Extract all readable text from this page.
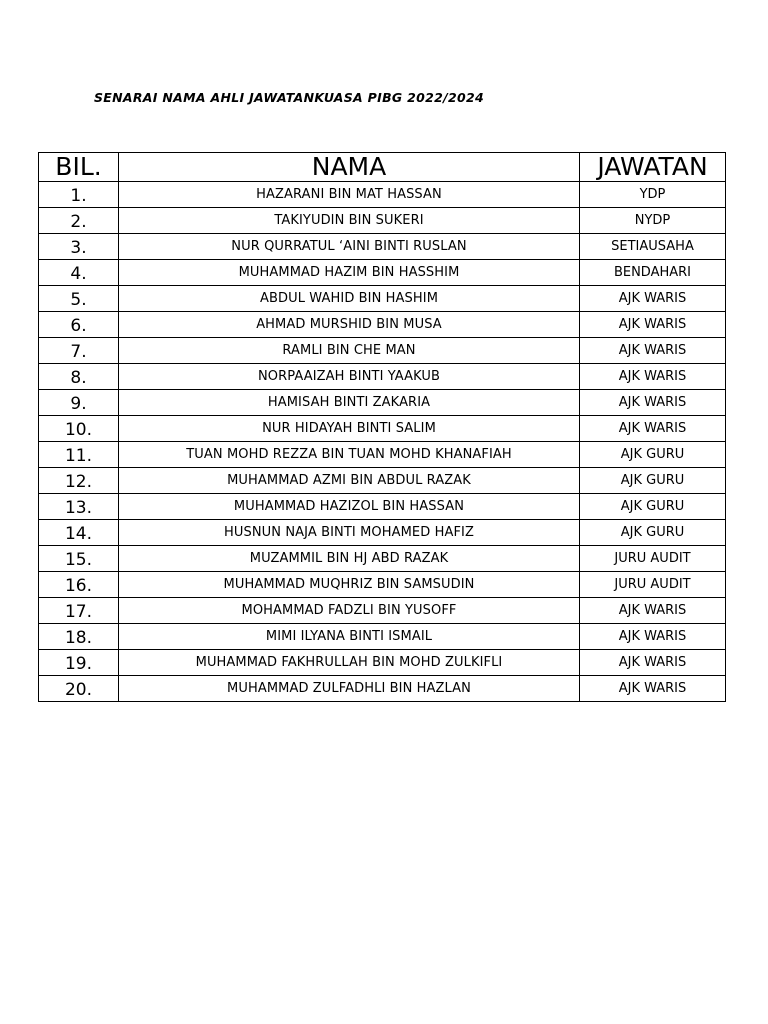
SENARAI NAMA AHLI JAWATANKUASA PIBG 2022/2024
BIL.	NAMA	JAWATAN
1.	HAZARANI BIN MAT HASSAN	YDP
2.	TAKIYUDIN BIN SUKERI	NYDP
3.	NUR QURRATUL ‘AINI BINTI RUSLAN	SETIAUSAHA
4.	MUHAMMAD HAZIM BIN HASSHIM	BENDAHARI
5.	ABDUL WAHID BIN HASHIM	AJK WARIS
6.	AHMAD MURSHID BIN MUSA	AJK WARIS
7.	RAMLI BIN CHE MAN	AJK WARIS
8.	NORPAAIZAH BINTI YAAKUB	AJK WARIS
9.	HAMISAH BINTI ZAKARIA	AJK WARIS
10.	NUR HIDAYAH BINTI SALIM	AJK WARIS
11.	TUAN MOHD REZZA BIN TUAN MOHD KHANAFIAH	AJK GURU
12.	MUHAMMAD AZMI BIN ABDUL RAZAK	AJK GURU
13.	MUHAMMAD HAZIZOL BIN HASSAN	AJK GURU
14.	HUSNUN NAJA BINTI MOHAMED HAFIZ	AJK GURU
15.	MUZAMMIL BIN HJ ABD RAZAK	JURU AUDIT
16.	MUHAMMAD MUQHRIZ BIN SAMSUDIN	JURU AUDIT
17.	MOHAMMAD FADZLI BIN YUSOFF	AJK WARIS
18.	MIMI ILYANA BINTI ISMAIL	AJK WARIS
19.	MUHAMMAD FAKHRULLAH BIN MOHD ZULKIFLI	AJK WARIS
20.	MUHAMMAD ZULFADHLI BIN HAZLAN	AJK WARIS
